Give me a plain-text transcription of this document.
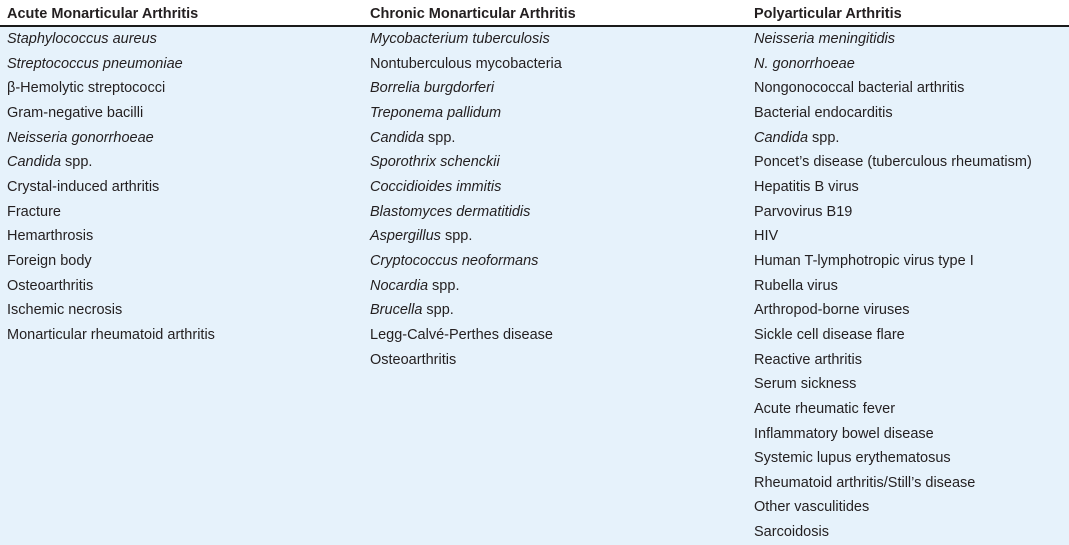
Acute Monarticular Arthritis	Chronic Monarticular Arthritis	Polyarticular Arthritis
Staphylococcus aureus
Streptococcus pneumoniae
β-Hemolytic streptococci
Gram-negative bacilli
Neisseria gonorrhoeae
Candida spp.
Crystal-induced arthritis
Fracture
Hemarthrosis
Foreign body
Osteoarthritis
Ischemic necrosis
Monarticular rheumatoid arthritis
Mycobacterium tuberculosis
Nontuberculous mycobacteria
Borrelia burgdorferi
Treponema pallidum
Candida spp.
Sporothrix schenckii
Coccidioides immitis
Blastomyces dermatitidis
Aspergillus spp.
Cryptococcus neoformans
Nocardia spp.
Brucella spp.
Legg-Calvé-Perthes disease
Osteoarthritis
Neisseria meningitidis
N. gonorrhoeae
Nongonococcal bacterial arthritis
Bacterial endocarditis
Candida spp.
Poncet’s disease (tuberculous rheumatism)
Hepatitis B virus
Parvovirus B19
HIV
Human T-lymphotropic virus type I
Rubella virus
Arthropod-borne viruses
Sickle cell disease flare
Reactive arthritis
Serum sickness
Acute rheumatic fever
Inflammatory bowel disease
Systemic lupus erythematosus
Rheumatoid arthritis/Still’s disease
Other vasculitides
Sarcoidosis
